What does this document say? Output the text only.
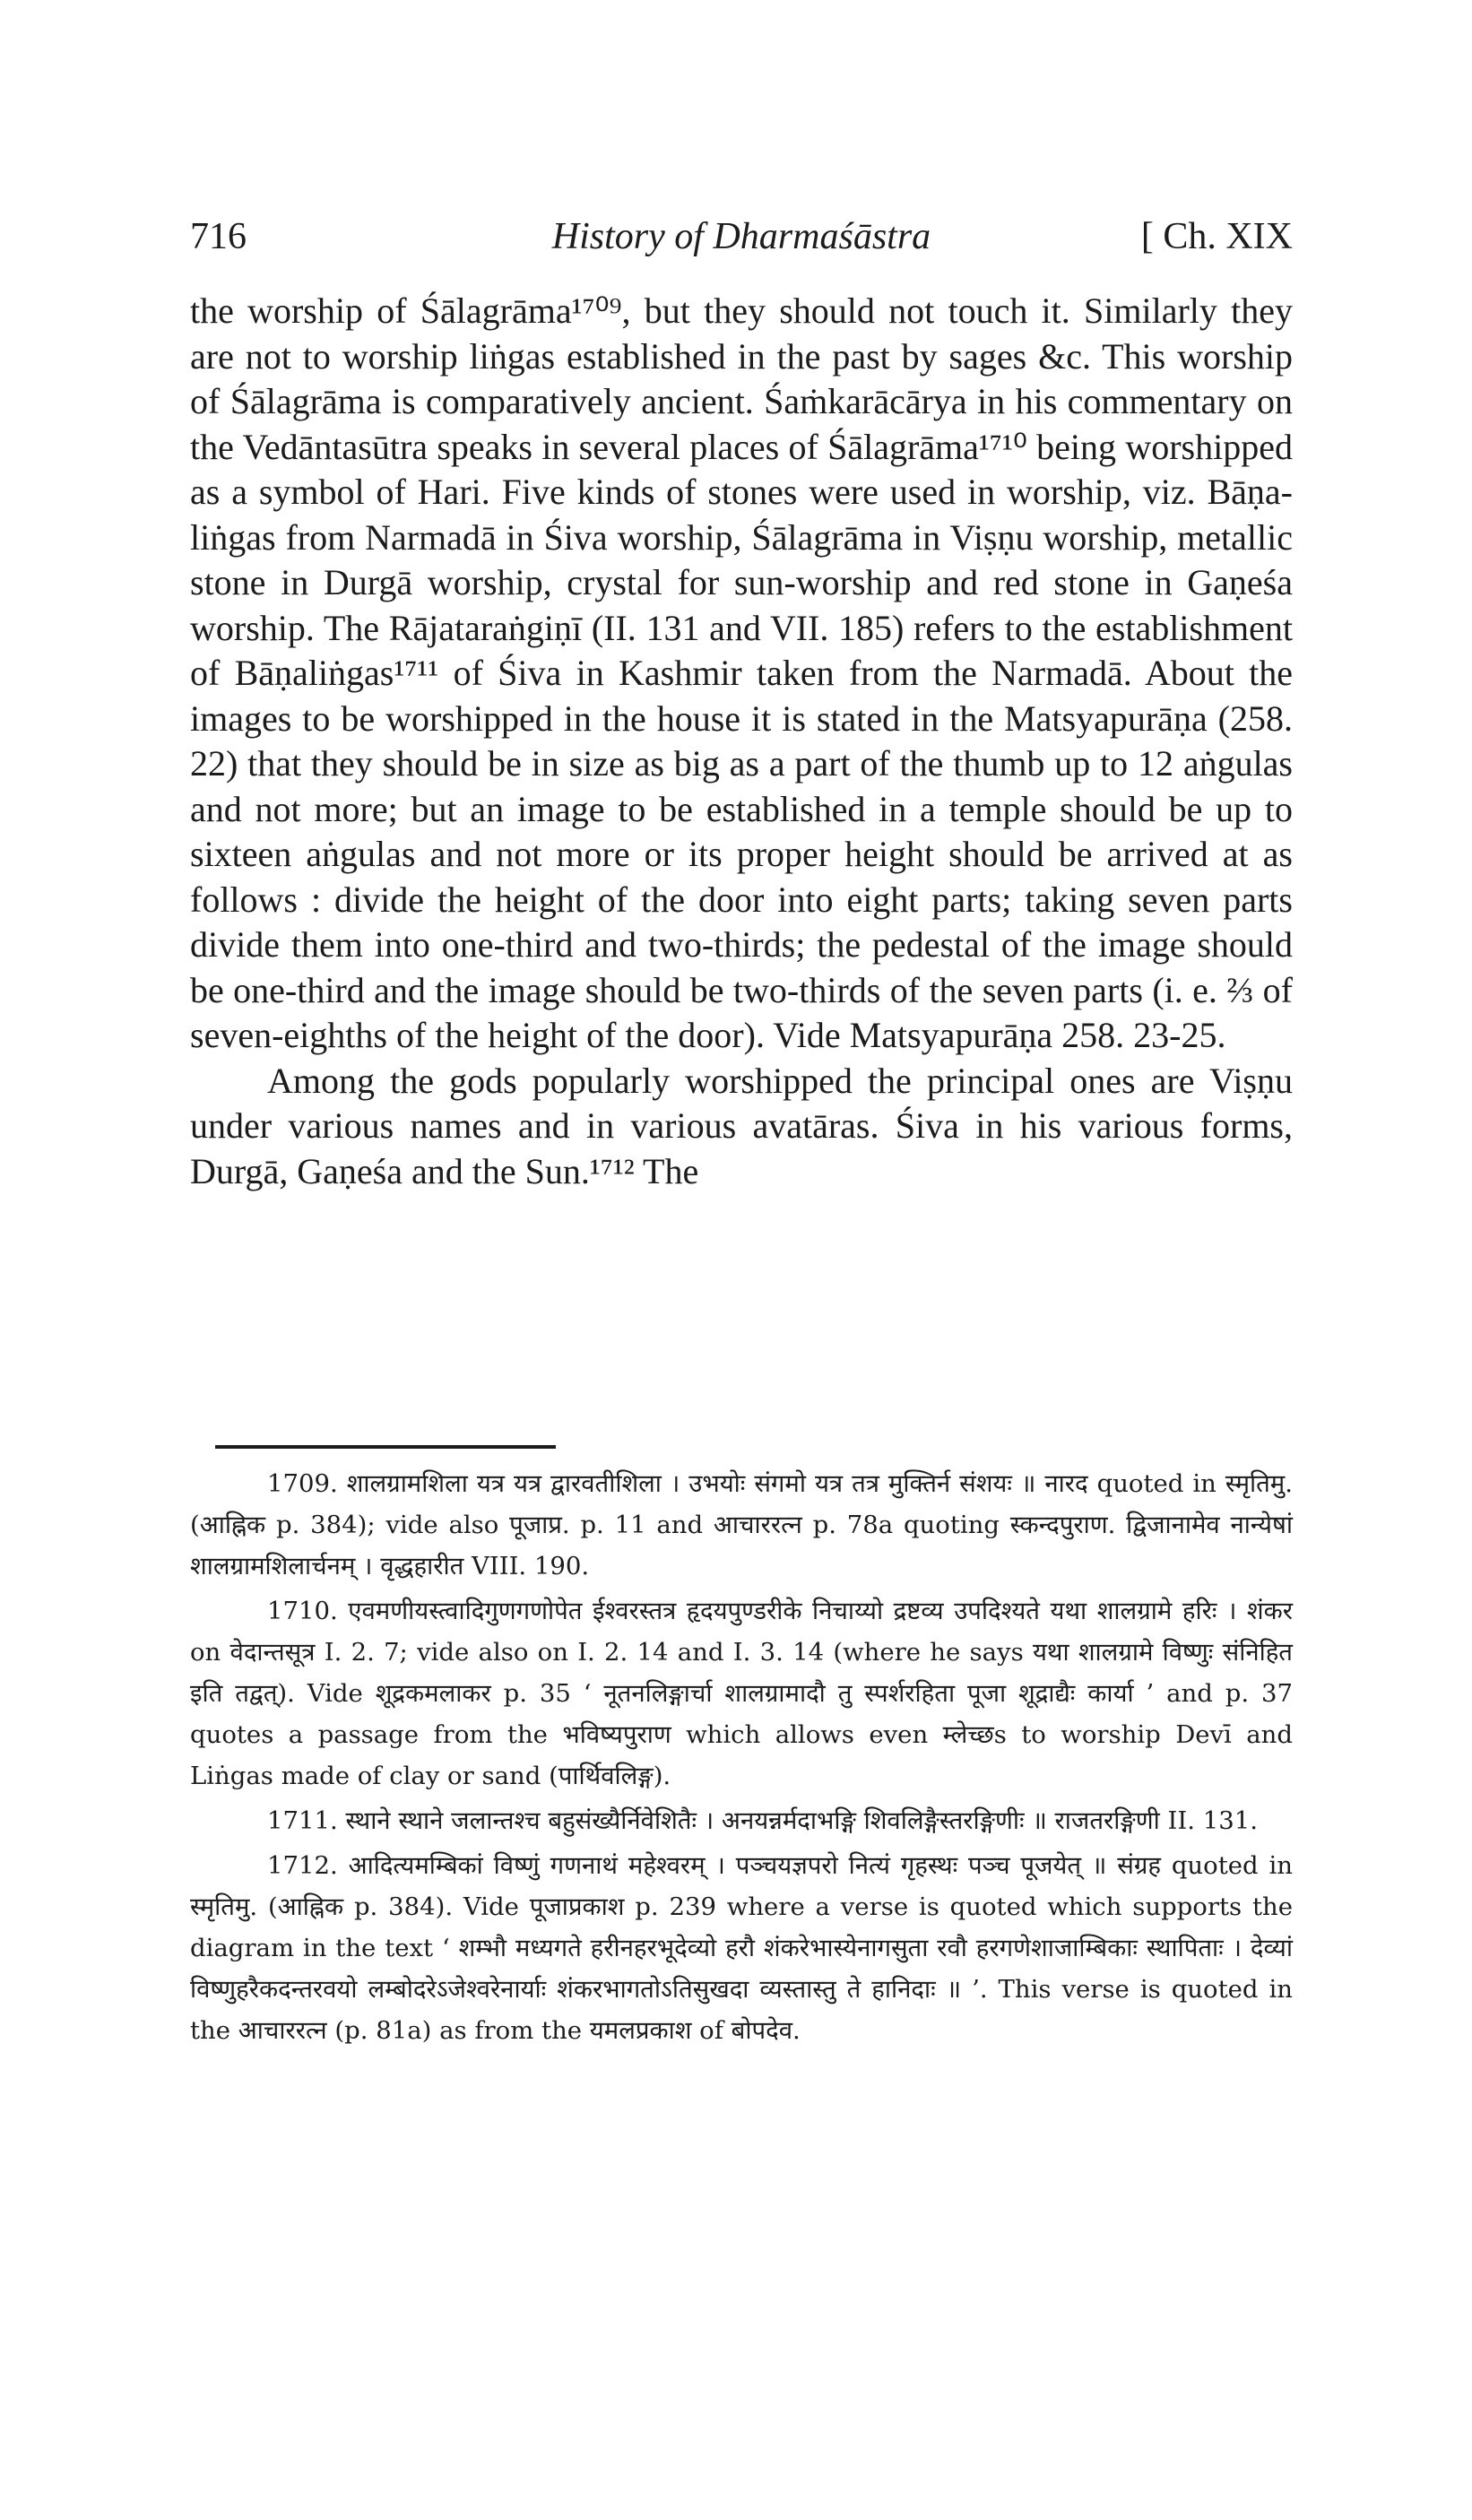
History of Dharmaśāstra
716	[ Ch. XIX

the worship of Śālagrāma¹⁷⁰⁹, but they should not touch it. Similarly they are not to worship liṅgas established in the past by sages &c. This worship of Śālagrāma is comparatively ancient. Śaṁkarācārya in his commentary on the Vedāntasūtra speaks in several places of Śālagrāma¹⁷¹⁰ being worshipped as a symbol of Hari. Five kinds of stones were used in worship, viz. Bāṇa-liṅgas from Narmadā in Śiva worship, Śālagrāma in Viṣṇu worship, metallic stone in Durgā worship, crystal for sun-worship and red stone in Gaṇeśa worship. The Rājataraṅgiṇī (II. 131 and VII. 185) refers to the establishment of Bāṇaliṅgas¹⁷¹¹ of Śiva in Kashmir taken from the Narmadā. About the images to be worshipped in the house it is stated in the Matsyapurāṇa (258. 22) that they should be in size as big as a part of the thumb up to 12 aṅgulas and not more; but an image to be established in a temple should be up to sixteen aṅgulas and not more or its proper height should be arrived at as follows : divide the height of the door into eight parts; taking seven parts divide them into one-third and two-thirds; the pedestal of the image should be one-third and the image should be two-thirds of the seven parts (i. e. ⅔ of seven-eighths of the height of the door). Vide Matsyapurāṇa 258. 23-25.

Among the gods popularly worshipped the principal ones are Viṣṇu under various names and in various avatāras. Śiva in his various forms, Durgā, Gaṇeśa and the Sun.¹⁷¹² The

1709. शालग्रामशिला यत्र यत्र द्वारवतीशिला । उभयोः संगमो यत्र तत्र मुक्तिर्न संशयः ॥ नारद quoted in स्मृतिमु. (आह्निक p. 384); vide also पूजाप्र. p. 11 and आचाररत्न p. 78a quoting स्कन्दपुराण. द्विजानामेव नान्येषां शालग्रामशिलार्चनम् । वृद्धहारीत VIII. 190.

1710. एवमणीयस्त्वादिगुणगणोपेत ईश्वरस्तत्र हृदयपुण्डरीके निचाय्यो द्रष्टव्य उपदिश्यते यथा शालग्रामे हरिः । शंकर on वेदान्तसूत्र I. 2. 7; vide also on I. 2. 14 and I. 3. 14 (where he says यथा शालग्रामे विष्णुः संनिहित इति तद्वत्). Vide शूद्रकमलाकर p. 35 ‘ नूतनलिङ्गार्चा शालग्रामादौ तु स्पर्शरहिता पूजा शूद्राद्यैः कार्या ’ and p. 37 quotes a passage from the भविष्यपुराण which allows even म्लेच्छs to worship Devī and Liṅgas made of clay or sand (पार्थिवलिङ्ग).

1711. स्थाने स्थाने जलान्तश्च बहुसंख्यैर्निवेशितैः । अनयन्नर्मदाभङ्गि शिवलिङ्गैस्तरङ्गिणीः ॥ राजतरङ्गिणी II. 131.

1712. आदित्यमम्बिकां विष्णुं गणनाथं महेश्वरम् । पञ्चयज्ञपरो नित्यं गृहस्थः पञ्च पूजयेत् ॥ संग्रह quoted in स्मृतिमु. (आह्निक p. 384). Vide पूजाप्रकाश p. 239 where a verse is quoted which supports the diagram in the text ‘ शम्भौ मध्यगते हरीनहरभूदेव्यो हरौ शंकरेभास्येनागसुता रवौ हरगणेशाजाम्बिकाः स्थापिताः । देव्यां विष्णुहरैकदन्तरवयो लम्बोदरेऽजेश्वरेनार्याः शंकरभागतोऽतिसुखदा व्यस्तास्तु ते हानिदाः ॥ ’. This verse is quoted in the आचाररत्न (p. 81a) as from the यमलप्रकाश of बोपदेव.
